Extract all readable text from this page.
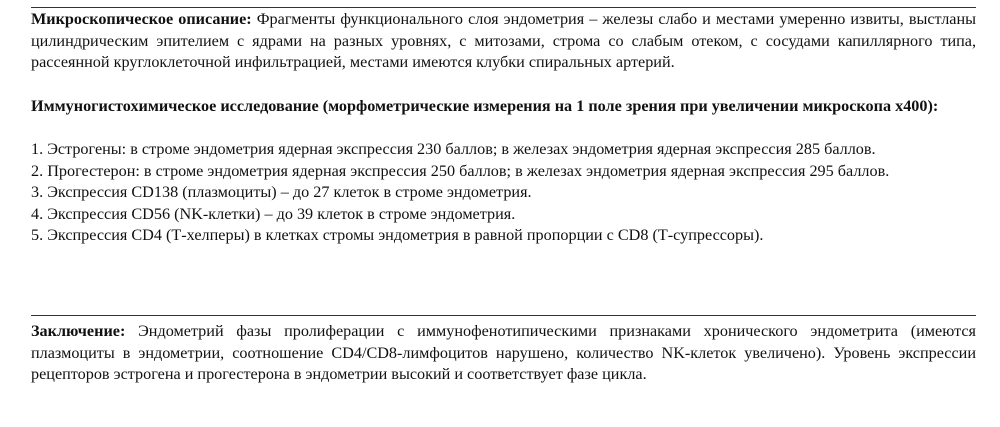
Микроскопическое описание: Фрагменты функционального слоя эндометрия – железы слабо и местами умеренно извиты, выстланы цилиндрическим эпителием с ядрами на разных уровнях, с митозами, строма со слабым отеком, с сосудами капиллярного типа, рассеянной круглоклеточной инфильтрацией, местами имеются клубки спиральных артерий.

Иммуногистохимическое исследование (морфометрические измерения на 1 поле зрения при увеличении микроскопа х400):

1. Эстрогены: в строме эндометрия ядерная экспрессия 230 баллов; в железах эндометрия ядерная экспрессия 285 баллов.
2. Прогестерон: в строме эндометрия ядерная экспрессия 250 баллов; в железах эндометрия ядерная экспрессия 295 баллов.
3. Экспрессия CD138 (плазмоциты) – до 27 клеток в строме эндометрия.
4. Экспрессия CD56 (NK-клетки) – до 39 клеток в строме эндометрия.
5. Экспрессия CD4 (Т-хелперы) в клетках стромы эндометрия в равной пропорции с CD8 (Т-супрессоры).

Заключение: Эндометрий фазы пролиферации с иммунофенотипическими признаками хронического эндометрита (имеются плазмоциты в эндометрии, соотношение CD4/CD8-лимфоцитов нарушено, количество NK-клеток увеличено). Уровень экспрессии рецепторов эстрогена и прогестерона в эндометрии высокий и соответствует фазе цикла.
